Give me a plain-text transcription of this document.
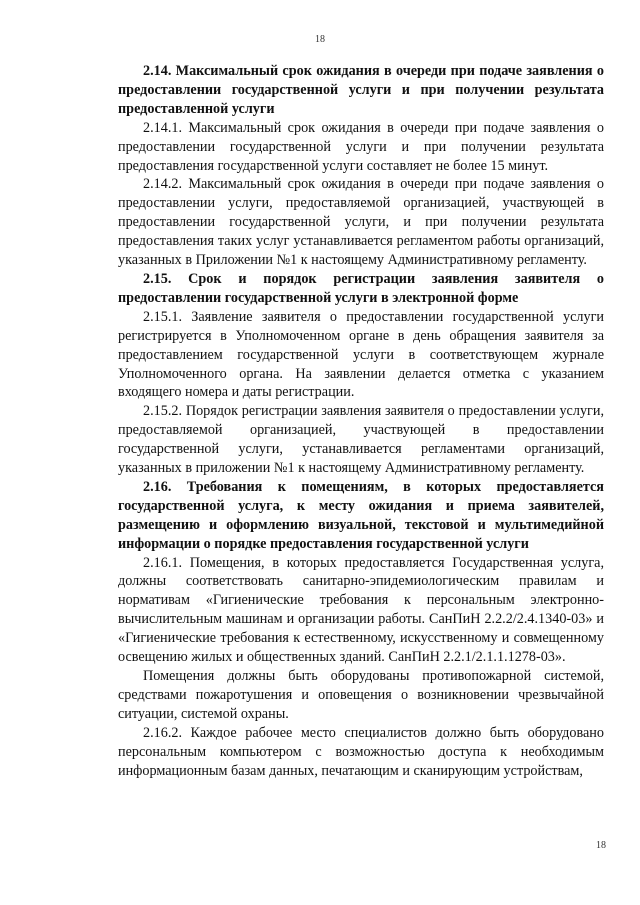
18

2.14. Максимальный срок ожидания в очереди при подаче заявления о предоставлении государственной услуги и при получении результата предоставленной услуги

2.14.1. Максимальный срок ожидания в очереди при подаче заявления о предоставлении государственной услуги и при получении результата предоставления государственной услуги составляет не более 15 минут.

2.14.2. Максимальный срок ожидания в очереди при подаче заявления о предоставлении услуги, предоставляемой организацией, участвующей в предоставлении государственной услуги, и при получении результата предоставления таких услуг устанавливается регламентом работы организаций, указанных в Приложении №1 к настоящему Административному регламенту.

2.15. Срок и порядок регистрации заявления заявителя о предоставлении государственной услуги в электронной форме

2.15.1. Заявление заявителя о предоставлении государственной услуги регистрируется в Уполномоченном органе в день обращения заявителя за предоставлением государственной услуги в соответствующем журнале Уполномоченного органа. На заявлении делается отметка с указанием входящего номера и даты регистрации.

2.15.2. Порядок регистрации заявления заявителя о предоставлении услуги, предоставляемой организацией, участвующей в предоставлении государственной услуги, устанавливается регламентами организаций, указанных в приложении №1 к настоящему Административному регламенту.

2.16. Требования к помещениям, в которых предоставляется государственной услуга, к месту ожидания и приема заявителей, размещению и оформлению визуальной, текстовой и мультимедийной информации о порядке предоставления государственной услуги

2.16.1. Помещения, в которых предоставляется Государственная услуга, должны соответствовать санитарно-эпидемиологическим правилам и нормативам «Гигиенические требования к персональным электронно-вычислительным машинам и организации работы. СанПиН 2.2.2/2.4.1340-03» и «Гигиенические требования к естественному, искусственному и совмещенному освещению жилых и общественных зданий. СанПиН 2.2.1/2.1.1.1278-03».

Помещения должны быть оборудованы противопожарной системой, средствами пожаротушения и оповещения о возникновении чрезвычайной ситуации, системой охраны.

2.16.2. Каждое рабочее место специалистов должно быть оборудовано персональным компьютером с возможностью доступа к необходимым информационным базам данных, печатающим и сканирующим устройствам,

18
